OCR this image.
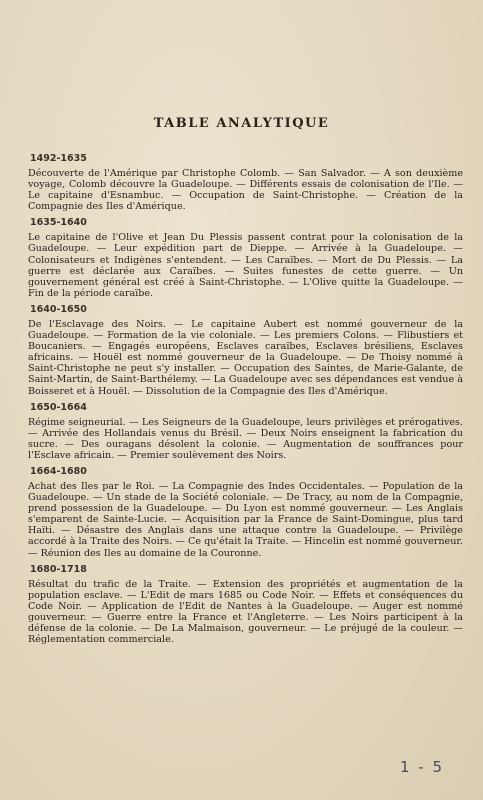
TABLE ANALYTIQUE
1492-1635

Découverte de l'Amérique par Christophe Colomb. — San Salvador. — A son deuxième voyage, Colomb découvre la Guadeloupe. — Différents essais de colonisation de l'Ile. — Le capitaine d'Esnambuc. — Occupation de Saint-Christophe. — Création de la Compagnie des Iles d'Amérique.

1635-1640

Le capitaine de l'Olive et Jean Du Plessis passent contrat pour la colonisation de la Guadeloupe. — Leur expédition part de Dieppe. — Arrivée à la Guadeloupe. — Colonisateurs et Indigènes s'entendent. — Les Caraïbes. — Mort de Du Plessis. — La guerre est déclarée aux Caraïbes. — Suites funestes de cette guerre. — Un gouvernement général est créé à Saint-Christophe. — L'Olive quitte la Guadeloupe. — Fin de la période caraïbe.

1640-1650

De l'Esclavage des Noirs. — Le capitaine Aubert est nommé gouverneur de la Guadeloupe. — Formation de la vie coloniale. — Les premiers Colons. — Flibustiers et Boucaniers. — Engagés européens, Esclaves caraïbes, Esclaves brésiliens, Esclaves africains. — Houël est nommé gouverneur de la Guadeloupe. — De Thoisy nommé à Saint-Christophe ne peut s'y installer. — Occupation des Saintes, de Marie-Galante, de Saint-Martin, de Saint-Barthélemy. — La Guadeloupe avec ses dépendances est vendue à Boisseret et à Houël. — Dissolution de la Compagnie des Iles d'Amérique.

1650-1664

Régime seigneurial. — Les Seigneurs de la Guadeloupe, leurs privilèges et prérogatives. — Arrivée des Hollandais venus du Brésil. — Deux Noirs enseignent la fabrication du sucre. — Des ouragans désolent la colonie. — Augmentation de souffrances pour l'Esclave africain. — Premier soulèvement des Noirs.

1664-1680

Achat des Iles par le Roi. — La Compagnie des Indes Occidentales. — Population de la Guadeloupe. — Un stade de la Société coloniale. — De Tracy, au nom de la Compagnie, prend possession de la Guadeloupe. — Du Lyon est nommé gouverneur. — Les Anglais s'emparent de Sainte-Lucie. — Acquisition par la France de Saint-Domingue, plus tard Haïti. — Désastre des Anglais dans une attaque contre la Guadeloupe. — Privilège accordé à la Traite des Noirs. — Ce qu'était la Traite. — Hincelin est nommé gouverneur. — Réunion des Iles au domaine de la Couronne.

1680-1718

Résultat du trafic de la Traite. — Extension des propriétés et augmentation de la population esclave. — L'Edit de mars 1685 ou Code Noir. — Effets et conséquences du Code Noir. — Application de l'Edit de Nantes à la Guadeloupe. — Auger est nommé gouverneur. — Guerre entre la France et l'Angleterre. — Les Noirs participent à la défense de la colonie. — De La Malmaison, gouverneur. — Le préjugé de la couleur. — Réglementation commerciale.

1 - 5
